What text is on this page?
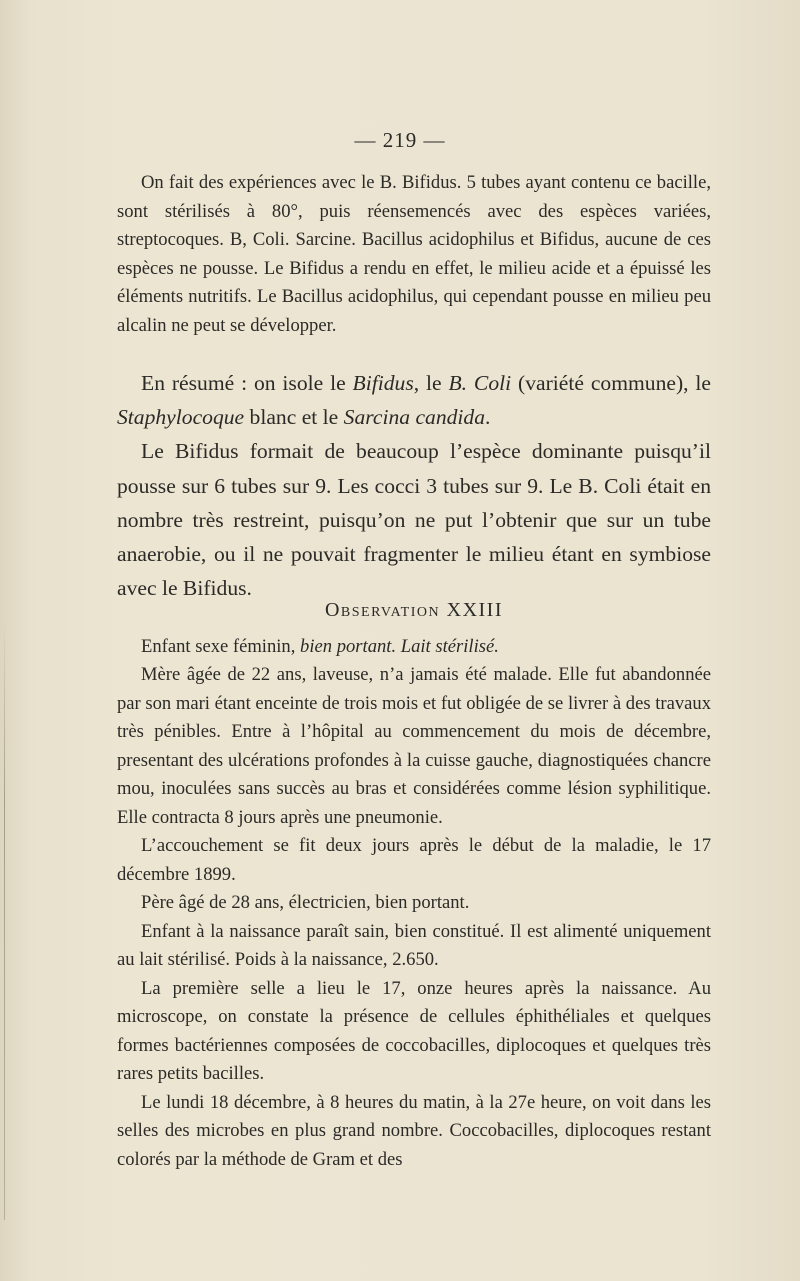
— 219 —

On fait des expériences avec le B. Bifidus. 5 tubes ayant contenu ce bacille, sont stérilisés à 80°, puis réensemencés avec des espèces variées, streptocoques. B, Coli. Sarcine. Bacillus acidophilus et Bifidus, aucune de ces espèces ne pousse. Le Bifidus a rendu en effet, le milieu acide et a épuissé les éléments nutritifs. Le Bacillus acidophilus, qui cependant pousse en milieu peu alcalin ne peut se développer.

En résumé : on isole le Bifidus, le B. Coli (variété commune), le Staphylocoque blanc et le Sarcina candida.

Le Bifidus formait de beaucoup l’espèce dominante puisqu’il pousse sur 6 tubes sur 9. Les cocci 3 tubes sur 9. Le B. Coli était en nombre très restreint, puisqu’on ne put l’obtenir que sur un tube anaerobie, ou il ne pouvait fragmenter le milieu étant en symbiose avec le Bifidus.

Observation XXIII

Enfant sexe féminin, bien portant. Lait stérilisé.

Mère âgée de 22 ans, laveuse, n’a jamais été malade. Elle fut abandonnée par son mari étant enceinte de trois mois et fut obligée de se livrer à des travaux très pénibles. Entre à l’hôpital au commencement du mois de décembre, presentant des ulcérations profondes à la cuisse gauche, diagnostiquées chancre mou, inoculées sans succès au bras et considérées comme lésion syphilitique. Elle contracta 8 jours après une pneumonie.

L’accouchement se fit deux jours après le début de la maladie, le 17 décembre 1899.

Père âgé de 28 ans, électricien, bien portant.

Enfant à la naissance paraît sain, bien constitué. Il est alimenté uniquement au lait stérilisé. Poids à la naissance, 2.650.

La première selle a lieu le 17, onze heures après la naissance. Au microscope, on constate la présence de cellules éphithéliales et quelques formes bactériennes composées de coccobacilles, diplocoques et quelques très rares petits bacilles.

Le lundi 18 décembre, à 8 heures du matin, à la 27e heure, on voit dans les selles des microbes en plus grand nombre. Coccobacilles, diplocoques restant colorés par la méthode de Gram et des
